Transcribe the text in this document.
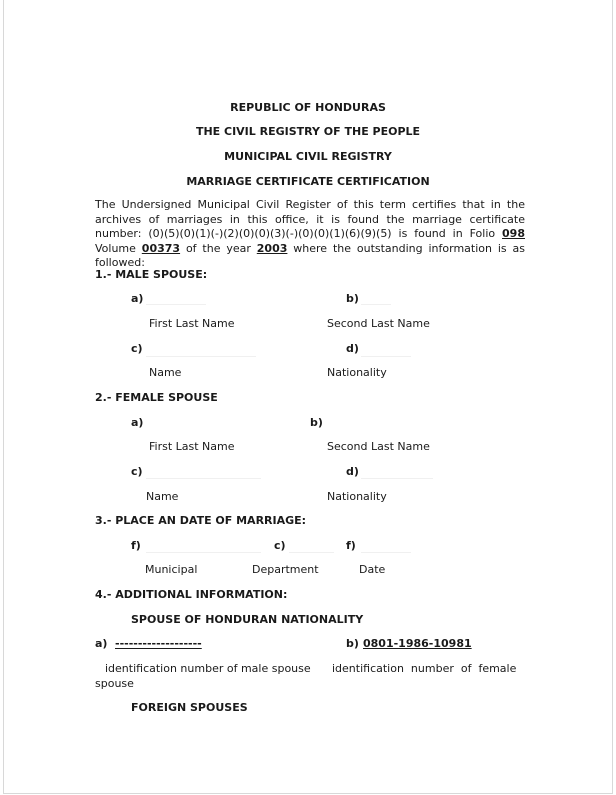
REPUBLIC OF HONDURAS
THE CIVIL REGISTRY OF THE PEOPLE
MUNICIPAL CIVIL REGISTRY
MARRIAGE CERTIFICATE CERTIFICATION
The Undersigned Municipal Civil Register of this term certifies that in the archives of marriages in this office, it is found the marriage certificate number: (0)(5)(0)(1)(-)(2)(0)(0)(3)(-)(0)(0)(1)(6)(9)(5) is found in Folio 098 Volume 00373 of the year 2003 where the outstanding information is as followed:
1.- MALE SPOUSE:
a)	b)
First Last Name	Second Last Name
c)	d)
Name	Nationality
2.- FEMALE SPOUSE
a)	b)
First Last Name	Second Last Name
c)	d)
Name	Nationality
3.- PLACE AN DATE OF MARRIAGE:
f)	c)	f)
Municipal	Department	Date
4.- ADDITIONAL INFORMATION:
SPOUSE OF HONDURAN NATIONALITY
a) -------------------	b) 0801-1986-10981
identification number of male spouse identification  number  of  female
spouse
FOREIGN SPOUSES
